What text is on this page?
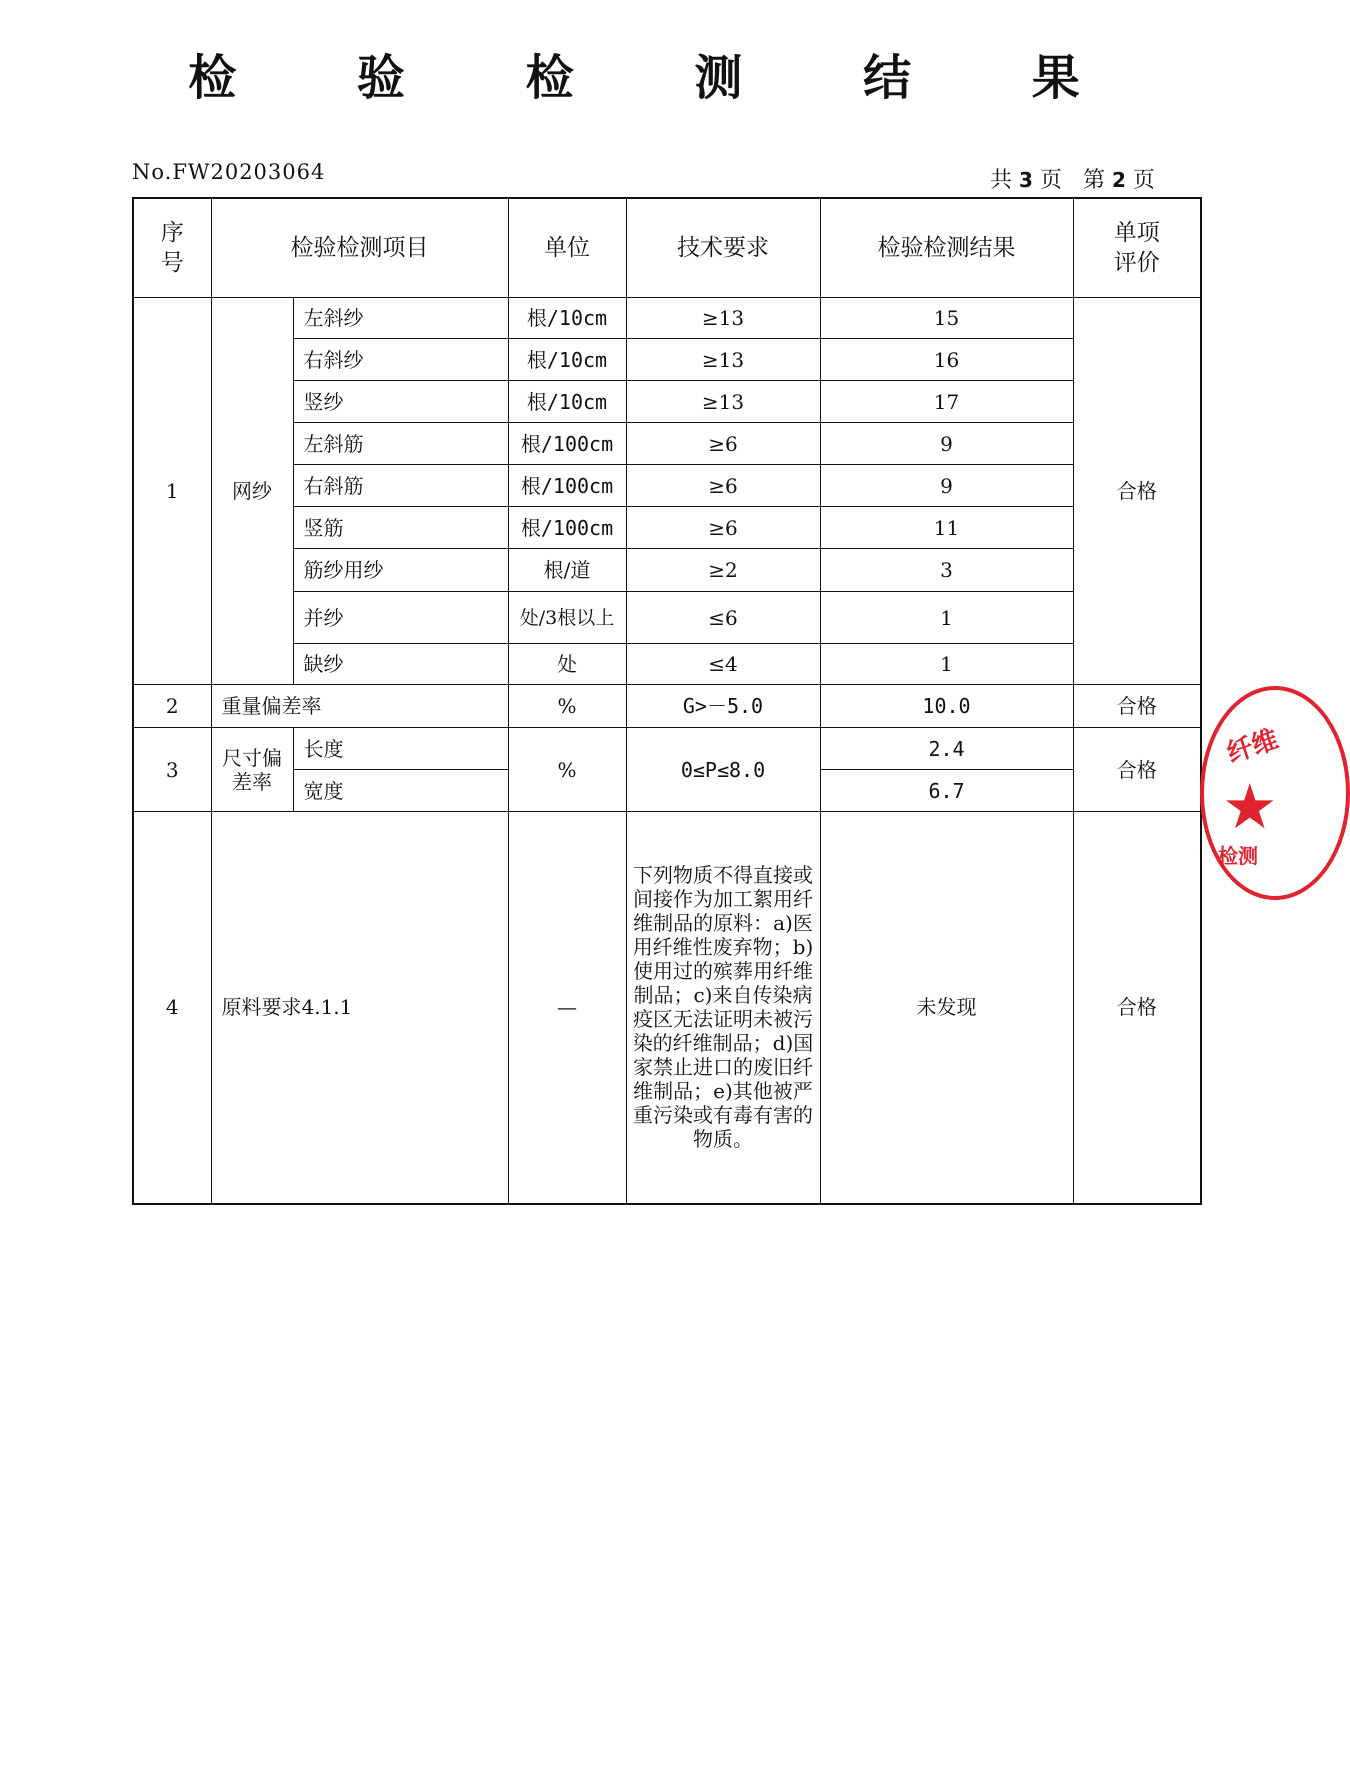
检 验 检 测 结 果
No.FW20203064	共 3 页 第 2 页
序号	检验检测项目		单位	技术要求	检验检测结果	单项评价
1	网纱	左斜纱	根/10cm	≥13	15	合格
		右斜纱	根/10cm	≥13	16	
		竖纱	根/10cm	≥13	17	
		左斜筋	根/100cm	≥6	9	
		右斜筋	根/100cm	≥6	9	
		竖筋	根/100cm	≥6	11	
		筋纱用纱	根/道	≥2	3	
		并纱	处/3根以上	≤6	1	
		缺纱	处	≤4	1	
2	重量偏差率		%	G>－5.0	10.0	合格
3	尺寸偏差率	长度	%	0≤P≤8.0	2.4	合格
		宽度			6.7	
4	原料要求4.1.1		—	下列物质不得直接或间接作为加工絮用纤维制品的原料：a)医用纤维性废弃物；b)使用过的殡葬用纤维制品；c)来自传染病疫区无法证明未被污染的纤维制品；d)国家禁止进口的废旧纤维制品；e)其他被严重污染或有毒有害的物质。	未发现	合格
纤维
★
检测
